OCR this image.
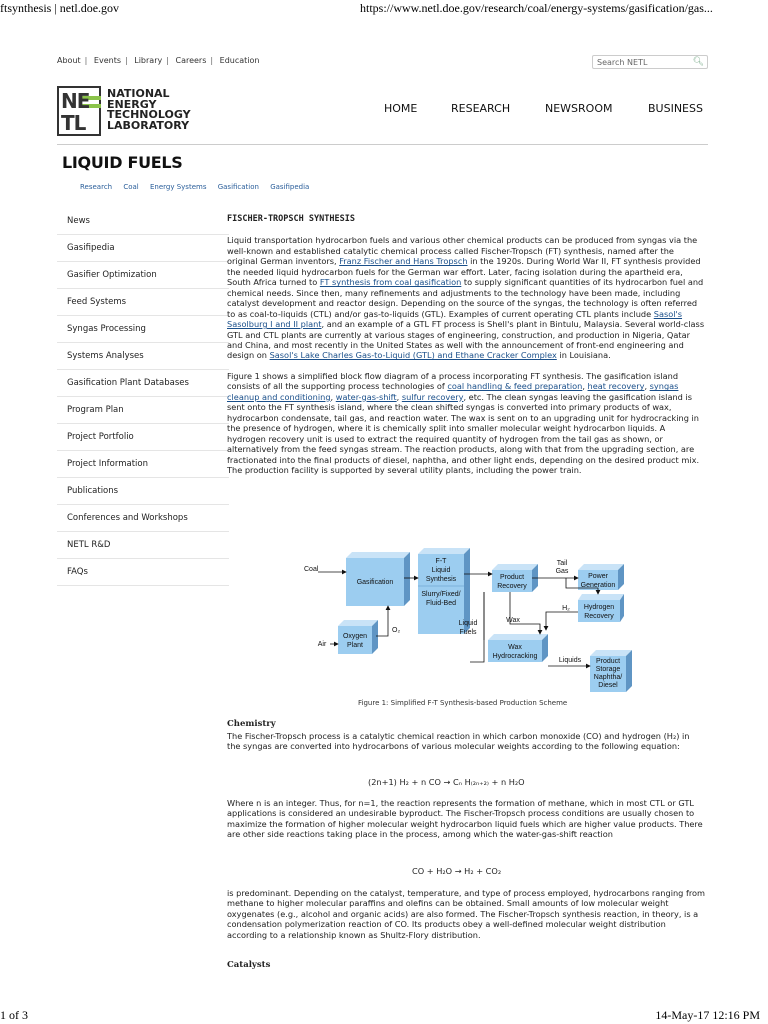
ftsynthesis | netl.doe.gov	https://www.netl.doe.gov/research/coal/energy-systems/gasification/gas...
About | Events | Library | Careers | Education	Search NETL	🔍︎
NETL
NATIONAL
ENERGY
TECHNOLOGY
LABORATORY
HOME	RESEARCH	NEWSROOM	BUSINESS
LIQUID FUELS
Research Coal Energy Systems Gasification Gasifipedia
News
Gasifipedia
Gasifier Optimization
Feed Systems
Syngas Processing
Systems Analyses
Gasification Plant Databases
Program Plan
Project Portfolio
Project Information
Publications
Conferences and Workshops
NETL R&D
FAQs
FISCHER-TROPSCH SYNTHESIS

Liquid transportation hydrocarbon fuels and various other chemical products can be produced from syngas via the well-known and established catalytic chemical process called Fischer-Tropsch (FT) synthesis, named after the original German inventors, Franz Fischer and Hans Tropsch in the 1920s. During World War II, FT synthesis provided the needed liquid hydrocarbon fuels for the German war effort. Later, facing isolation during the apartheid era, South Africa turned to FT synthesis from coal gasification to supply significant quantities of its hydrocarbon fuel and chemical needs. Since then, many refinements and adjustments to the technology have been made, including catalyst development and reactor design. Depending on the source of the syngas, the technology is often referred to as coal-to-liquids (CTL) and/or gas-to-liquids (GTL). Examples of current operating CTL plants include Sasol's Sasolburg I and II plant, and an example of a GTL FT process is Shell's plant in Bintulu, Malaysia. Several world-class GTL and CTL plants are currently at various stages of engineering, construction, and production in Nigeria, Qatar and China, and most recently in the United States as well with the announcement of front-end engineering and design on Sasol's Lake Charles Gas-to-Liquid (GTL) and Ethane Cracker Complex in Louisiana.

Figure 1 shows a simplified block flow diagram of a process incorporating FT synthesis. The gasification island consists of all the supporting process technologies of coal handling & feed preparation, heat recovery, syngas cleanup and conditioning, water-gas-shift, sulfur recovery, etc. The clean syngas leaving the gasification island is sent onto the FT synthesis island, where the clean shifted syngas is converted into primary products of wax, hydrocarbon condensate, tail gas, and reaction water. The wax is sent on to an upgrading unit for hydrocracking in the presence of hydrogen, where it is chemically split into smaller molecular weight hydrocarbon liquids. A hydrogen recovery unit is used to extract the required quantity of hydrogen from the tail gas as shown, or alternatively from the feed syngas stream. The reaction products, along with that from the upgrading section, are fractionated into the final products of diesel, naphtha, and other light ends, depending on the desired product mix. The production facility is supported by several utility plants, including the power train.

Coal
Air
O₂
Gasification
Oxygen
Plant
F-T
Liquid
Synthesis
Slurry/Fixed/
Fluid-Bed
Product
Recovery
Tail
Gas
Power
Generation
Hydrogen
Recovery
Liquid
Fuels
Wax
H₂
Wax
Hydrocracking
Liquids Product
Storage
Naphtha/
Diesel
Figure 1: Simplified F-T Synthesis-based Production Scheme
Chemistry
The Fischer-Tropsch process is a catalytic chemical reaction in which carbon monoxide (CO) and hydrogen (H₂) in the syngas are converted into hydrocarbons of various molecular weights according to the following equation:
(2n+1) H₂ + n CO → Cₙ H₍₂ₙ₊₂₎ + n H₂O
Where n is an integer. Thus, for n=1, the reaction represents the formation of methane, which in most CTL or GTL applications is considered an undesirable byproduct. The Fischer-Tropsch process conditions are usually chosen to maximize the formation of higher molecular weight hydrocarbon liquid fuels which are higher value products. There are other side reactions taking place in the process, among which the water-gas-shift reaction
CO + H₂O → H₂ + CO₂
is predominant. Depending on the catalyst, temperature, and type of process employed, hydrocarbons ranging from methane to higher molecular paraffins and olefins can be obtained. Small amounts of low molecular weight oxygenates (e.g., alcohol and organic acids) are also formed. The Fischer-Tropsch synthesis reaction, in theory, is a condensation polymerization reaction of CO. Its products obey a well-defined molecular weight distribution according to a relationship known as Shultz-Flory distribution.
Catalysts
1 of 3	14-May-17 12:16 PM
